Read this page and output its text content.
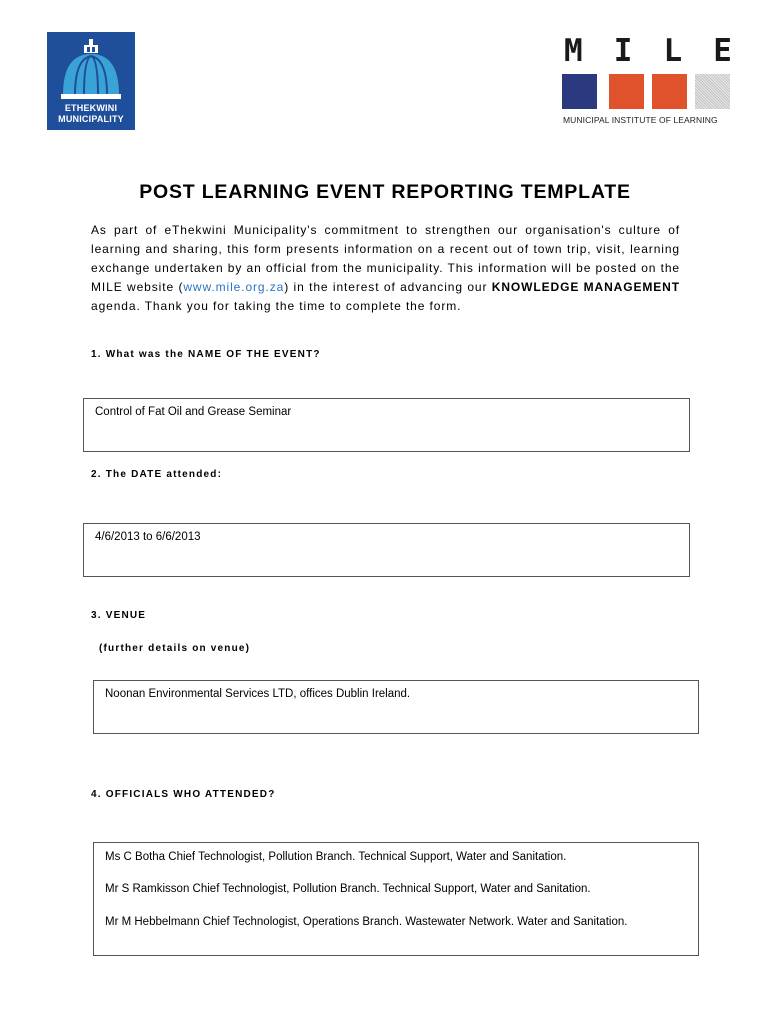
ETHEKWINI
MUNICIPALITY
M I L E
MUNICIPAL INSTITUTE OF LEARNING
POST LEARNING EVENT REPORTING TEMPLATE
As part of eThekwini Municipality's commitment to strengthen our organisation's culture of learning and sharing, this form presents information on a recent out of town trip, visit, learning exchange undertaken by an official from the municipality. This information will be posted on the MILE website (www.mile.org.za) in the interest of advancing our KNOWLEDGE MANAGEMENT agenda. Thank you for taking the time to complete the form.
1. What was the NAME OF THE EVENT?
Control of Fat Oil and Grease Seminar
2. The DATE attended:
4/6/2013 to 6/6/2013
3. VENUE
(further details on venue)
Noonan Environmental Services LTD, offices Dublin Ireland.
4. OFFICIALS WHO ATTENDED?
Ms C Botha Chief Technologist, Pollution Branch. Technical Support, Water and Sanitation.
Mr S Ramkisson Chief Technologist, Pollution Branch. Technical Support, Water and Sanitation.
Mr M Hebbelmann Chief Technologist, Operations Branch. Wastewater Network. Water and Sanitation.
